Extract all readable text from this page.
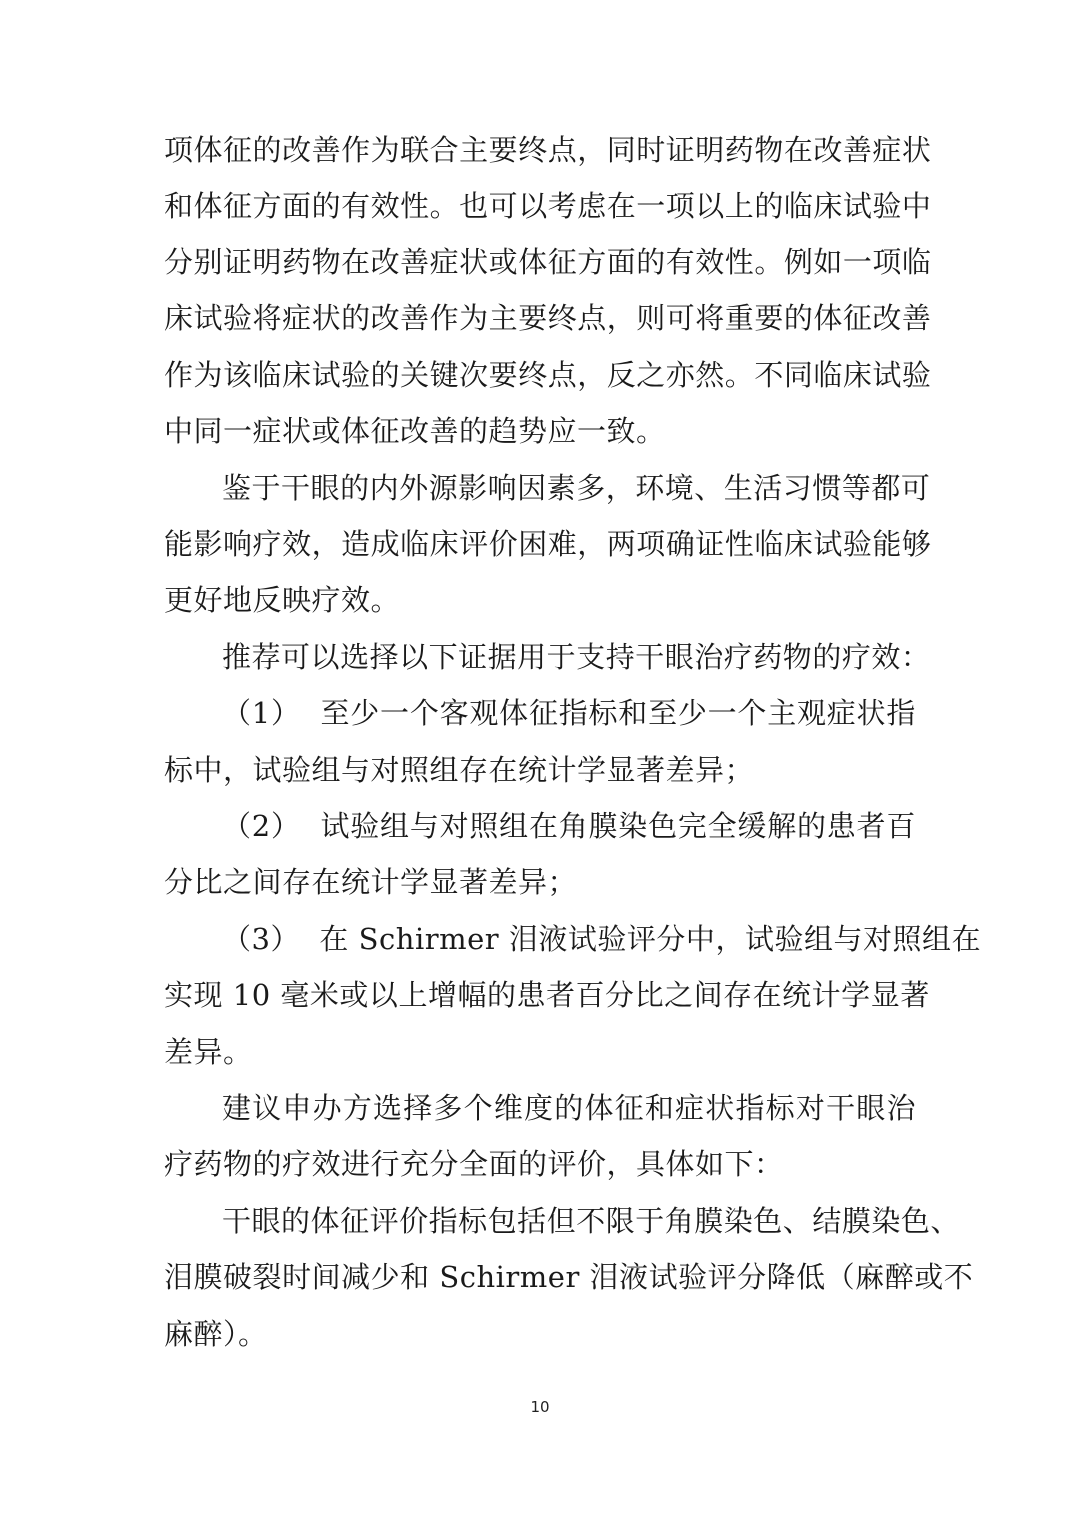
项 体 征 的 改 善 作 为 联 合 主 要 终 点 ， 同 时 证 明 药 物 在 改 善 症 状
和 体 征 方 面 的 有 效 性 。 也 可 以 考 虑 在 一 项 以 上 的 临 床 试 验 中
分 别 证 明 药 物 在 改 善 症 状 或 体 征 方 面 的 有 效 性 。 例 如 一 项 临
床 试 验 将 症 状 的 改 善 作 为 主 要 终 点 ， 则 可 将 重 要 的 体 征 改 善
作 为 该 临 床 试 验 的 关 键 次 要 终 点 ， 反 之 亦 然 。 不 同 临 床 试 验
中同一症状或体征改善的趋势应一致。
鉴 于 干 眼 的 内 外 源 影 响 因 素 多 ， 环 境 、 生 活 习 惯 等 都 可
能 影 响 疗 效 ， 造 成 临 床 评 价 困 难 ， 两 项 确 证 性 临 床 试 验 能 够
更好地反映疗效。
推 荐 可 以 选 择 以 下 证 据 用 于 支 持 干 眼 治 疗 药 物 的 疗 效 ：
（ 1 ）
至 少 一 个 客 观 体 征 指 标 和 至 少 一 个 主 观 症 状 指
标中，试验组与对照组存在统计学显著差异；
（ 2 ）
试 验 组 与 对 照 组 在 角 膜 染 色 完 全 缓 解 的 患 者 百
分比之间存在统计学显著差异；
（ 3 ）
在
Schirmer
泪 液 试 验 评 分 中 ， 试 验 组 与 对 照 组 在
实 现
10
毫 米 或 以 上 增 幅 的 患 者 百 分 比 之 间 存 在 统 计 学 显 著
差异。
建 议 申 办 方 选 择 多 个 维 度 的 体 征 和 症 状 指 标 对 干 眼 治
疗药物的疗效进行充分全面的评价，具体如下：
干 眼 的 体 征 评 价 指 标 包 括 但 不 限 于 角 膜 染 色 、 结 膜 染 色 、
泪 膜 破 裂 时 间 减 少 和
Schirmer
泪 液 试 验 评 分 降 低 （ 麻 醉 或 不
麻醉）。
10
